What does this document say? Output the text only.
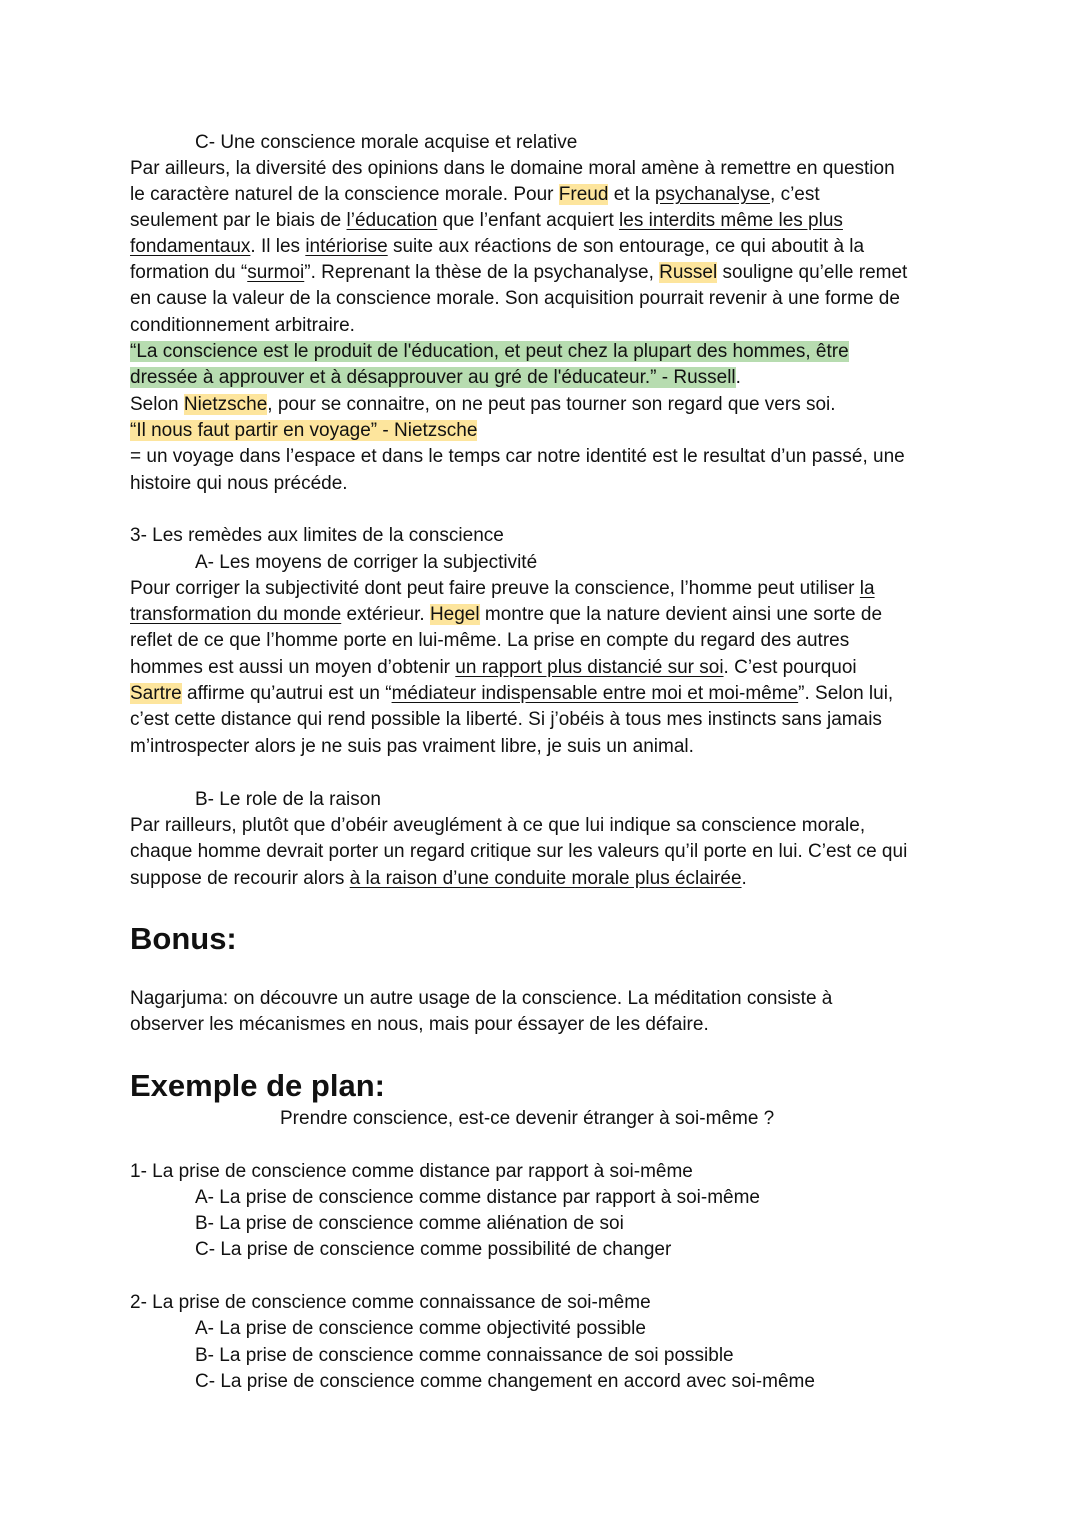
C- Une conscience morale acquise et relative

Par ailleurs, la diversité des opinions dans le domaine moral amène à remettre en question

le caractère naturel de la conscience morale. Pour Freud et la psychanalyse, c’est

seulement par le biais de l’éducation que l’enfant acquiert les interdits même les plus

fondamentaux. Il les intériorise suite aux réactions de son entourage, ce qui aboutit à la

formation du “surmoi”. Reprenant la thèse de la psychanalyse, Russel souligne qu’elle remet

en cause la valeur de la conscience morale. Son acquisition pourrait revenir à une forme de

conditionnement arbitraire.

“La conscience est le produit de l'éducation, et peut chez la plupart des hommes, être

dressée à approuver et à désapprouver au gré de l'éducateur.” - Russell.

Selon Nietzsche, pour se connaitre, on ne peut pas tourner son regard que vers soi.

“Il nous faut partir en voyage” - Nietzsche

= un voyage dans l’espace et dans le temps car notre identité est le resultat d’un passé, une

histoire qui nous précéde.

3- Les remèdes aux limites de la conscience

A- Les moyens de corriger la subjectivité

Pour corriger la subjectivité dont peut faire preuve la conscience, l’homme peut utiliser la

transformation du monde extérieur. Hegel montre que la nature devient ainsi une sorte de

reflet de ce que l’homme porte en lui-même. La prise en compte du regard des autres

hommes est aussi un moyen d’obtenir un rapport plus distancié sur soi. C’est pourquoi

Sartre affirme qu’autrui est un “médiateur indispensable entre moi et moi-même”. Selon lui,

c’est cette distance qui rend possible la liberté. Si j’obéis à tous mes instincts sans jamais

m’introspecter alors je ne suis pas vraiment libre, je suis un animal.

B- Le role de la raison

Par railleurs, plutôt que d’obéir aveuglément à ce que lui indique sa conscience morale,

chaque homme devrait porter un regard critique sur les valeurs qu’il porte en lui. C’est ce qui

suppose de recourir alors à la raison d’une conduite morale plus éclairée.

Bonus:

Nagarjuma: on découvre un autre usage de la conscience. La méditation consiste à

observer les mécanismes en nous, mais pour éssayer de les défaire.

Exemple de plan:

Prendre conscience, est-ce devenir étranger à soi-même ?

1- La prise de conscience comme distance par rapport à soi-même

A- La prise de conscience comme distance par rapport à soi-même

B- La prise de conscience comme aliénation de soi

C- La prise de conscience comme possibilité de changer

2- La prise de conscience comme connaissance de soi-même

A- La prise de conscience comme objectivité possible

B- La prise de conscience comme connaissance de soi possible

C- La prise de conscience comme changement en accord avec soi-même
